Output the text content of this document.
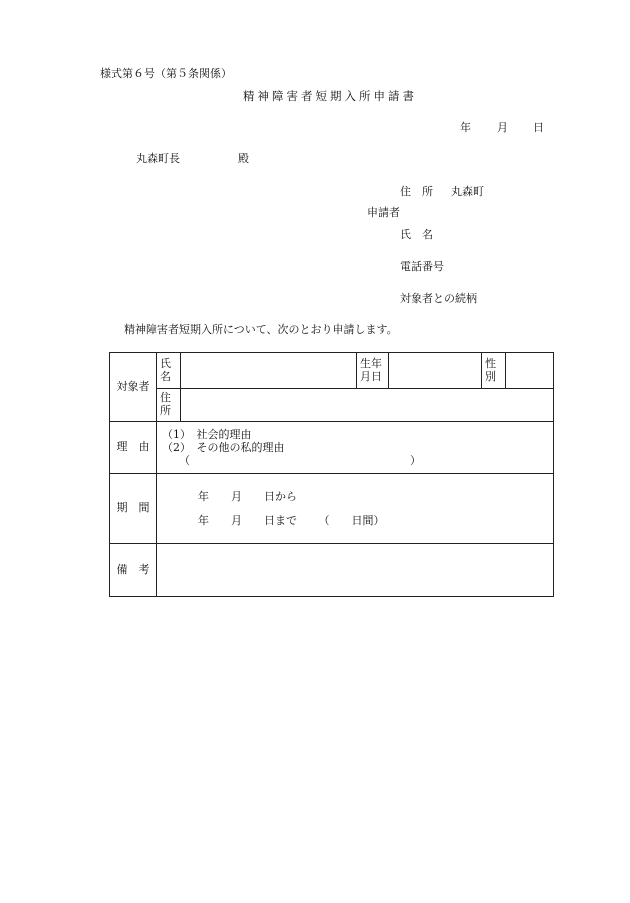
様式第６号（第５条関係）
精神障害者短期入所申請書
年 月 日
丸森町長	殿
住　所 丸森町
申請者
氏　名
電話番号
対象者との続柄
精神障害者短期入所について、次のとおり申請します。
対象者	氏名		生年月日		性別	

	住所					

理　由	（1）　社会的理由
（2）　その他の私的理由
（ ）					

期　間	年　　月　　日から
年　　月　　日まで （　　日間）					

備　考						
